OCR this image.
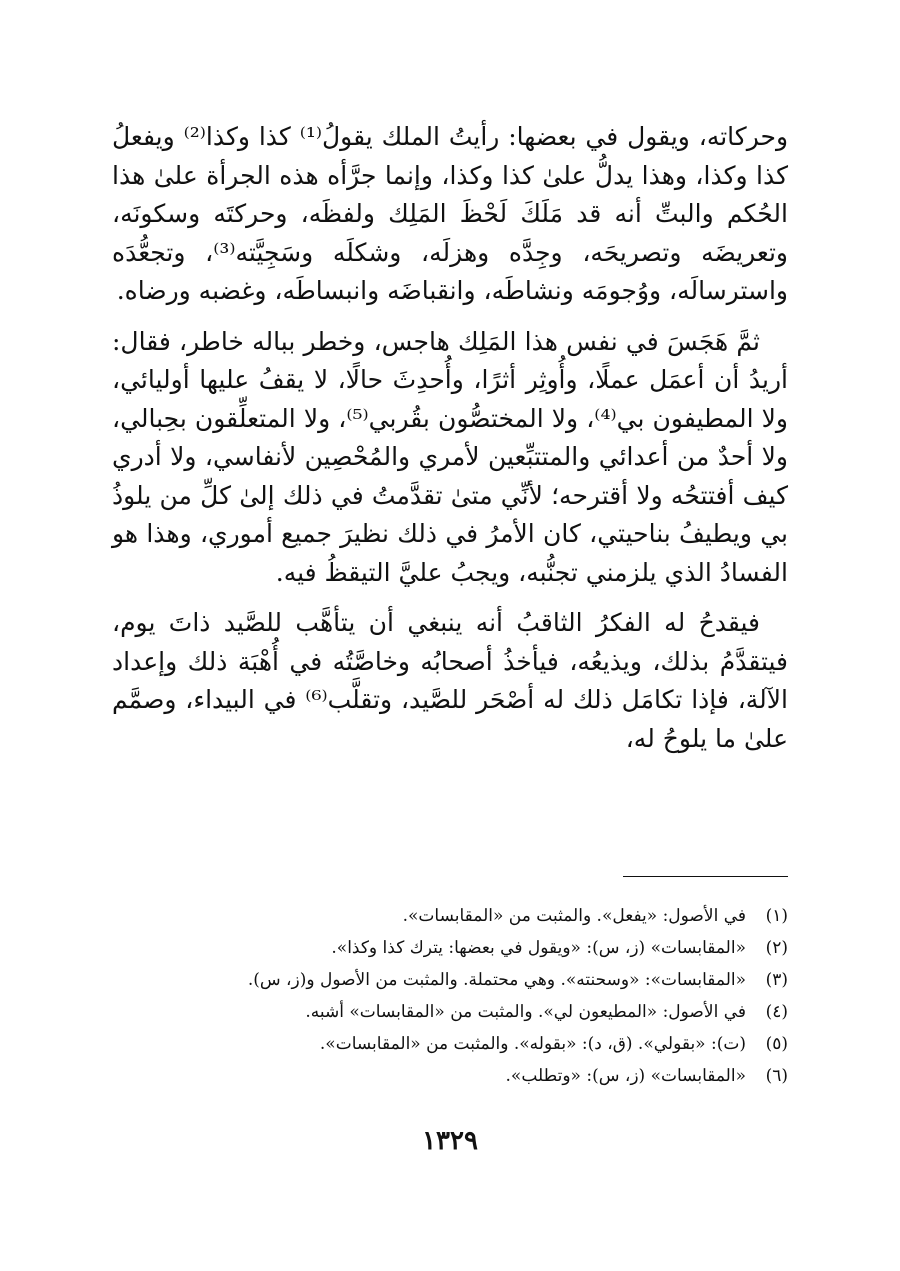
وحركاته، ويقول في بعضها: رأيتُ الملك يقولُ⁽¹⁾ كذا وكذا⁽²⁾ ويفعلُ كذا وكذا، وهذا يدلُّ علىٰ كذا وكذا، وإنما جرَّأه هذه الجرأة علىٰ هذا الحُكم والبتِّ أنه قد مَلَكَ لَحْظَ المَلِك ولفظَه، وحركتَه وسكونَه، وتعريضَه وتصريحَه، وجِدَّه وهزلَه، وشكلَه وسَجِيَّته⁽³⁾، وتجعُّدَه واسترسالَه، ووُجومَه ونشاطَه، وانقباضَه وانبساطَه، وغضبه ورضاه.

ثمَّ هَجَسَ في نفس هذا المَلِك هاجس، وخطر بباله خاطر، فقال: أريدُ أن أعمَل عملًا، وأُوثِر أثرًا، وأُحدِثَ حالًا، لا يقفُ عليها أوليائي، ولا المطيفون بي⁽⁴⁾، ولا المختصُّون بقُربي⁽⁵⁾، ولا المتعلِّقون بحِبالي، ولا أحدٌ من أعدائي والمتتبِّعين لأمري والمُحْصِين لأنفاسي، ولا أدري كيف أفتتحُه ولا أقترحه؛ لأنِّي متىٰ تقدَّمتُ في ذلك إلىٰ كلِّ من يلوذُ بي ويطيفُ بناحيتي، كان الأمرُ في ذلك نظيرَ جميع أموري، وهذا هو الفسادُ الذي يلزمني تجنُّبه، ويجبُ عليَّ التيقظُ فيه.

فيقدحُ له الفكرُ الثاقبُ أنه ينبغي أن يتأهَّب للصَّيد ذاتَ يوم، فيتقدَّمُ بذلك، ويذيعُه، فيأخذُ أصحابُه وخاصَّتُه في أُهْبَة ذلك وإعداد الآلة، فإذا تكامَل ذلك له أصْحَر للصَّيد، وتقلَّب⁽⁶⁾ في البيداء، وصمَّم علىٰ ما يلوحُ له،

(١)
في الأصول: «يفعل». والمثبت من «المقابسات».
(٢)
«المقابسات» (ز، س): «ويقول في بعضها: يترك كذا وكذا».
(٣)
«المقابسات»: «وسحنته». وهي محتملة. والمثبت من الأصول و(ز، س).
(٤)
في الأصول: «المطيعون لي». والمثبت من «المقابسات» أشبه.
(٥)
(ت): «بقولي». (ق، د): «بقوله». والمثبت من «المقابسات».
(٦)
«المقابسات» (ز، س): «وتطلب».
١٣٢٩
